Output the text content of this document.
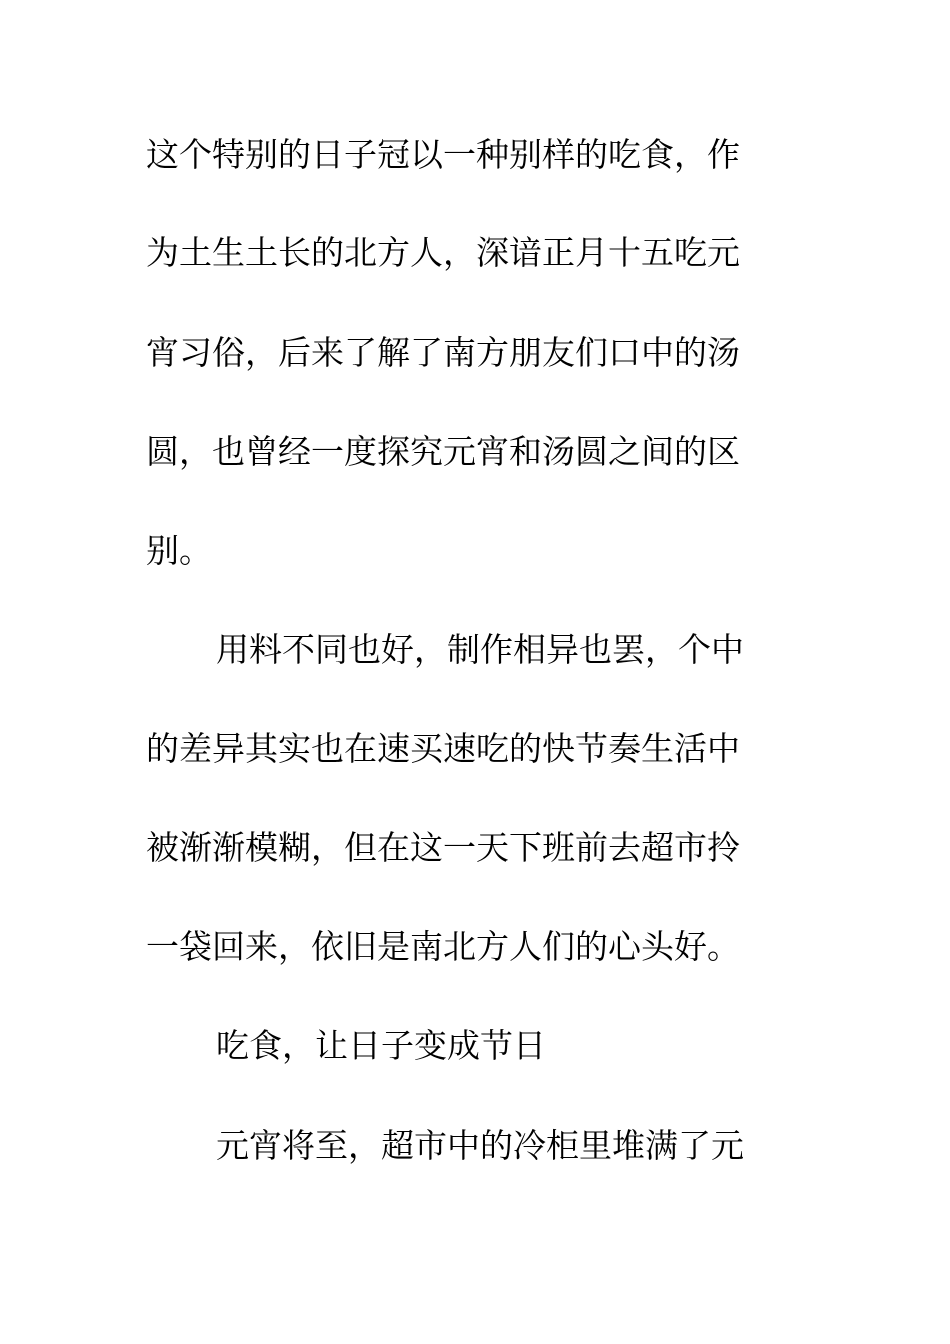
这个特别的日子冠以一种别样的吃食，作
为土生土长的北方人，深谙正月十五吃元
宵习俗，后来了解了南方朋友们口中的汤
圆，也曾经一度探究元宵和汤圆之间的区
别。
用料不同也好，制作相异也罢，个中
的差异其实也在速买速吃的快节奏生活中
被渐渐模糊，但在这一天下班前去超市拎
一袋回来，依旧是南北方人们的心头好。
吃食，让日子变成节日
元宵将至，超市中的冷柜里堆满了元
